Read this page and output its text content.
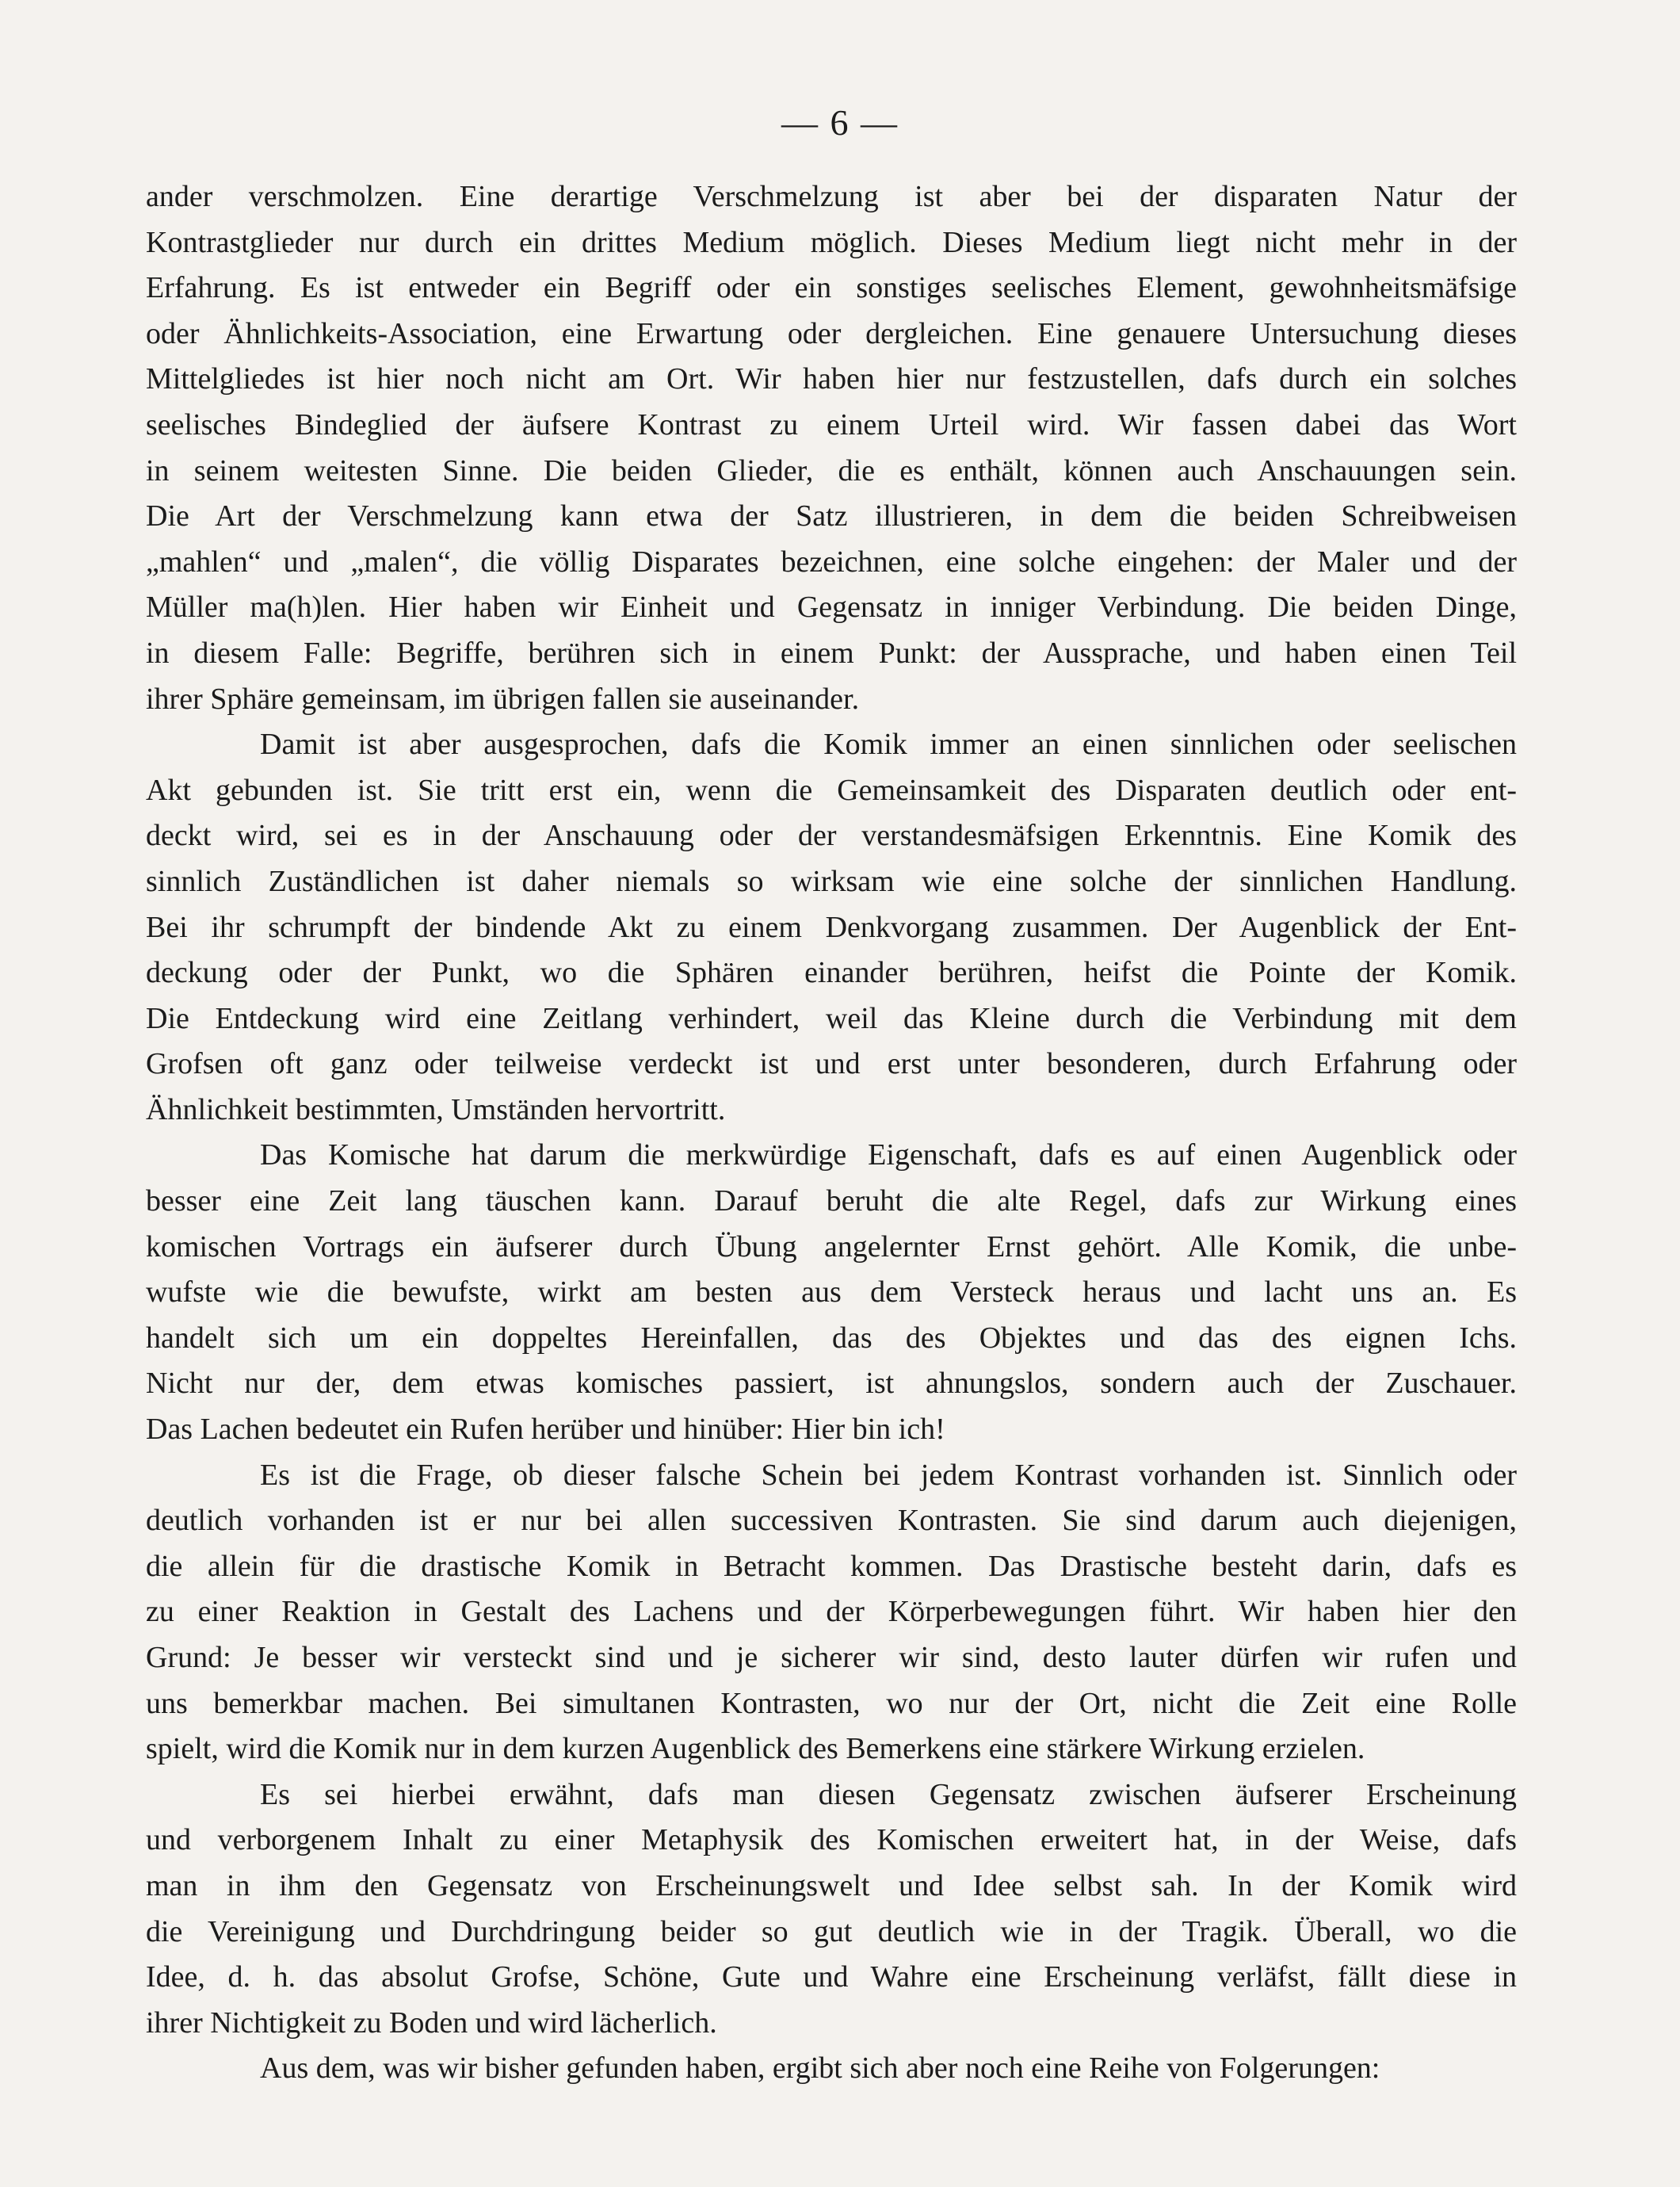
— 6 —
ander verschmolzen. Eine derartige Verschmelzung ist aber bei der disparaten Natur der
Kontrastglieder nur durch ein drittes Medium möglich. Dieses Medium liegt nicht mehr in der
Erfahrung. Es ist entweder ein Begriff oder ein sonstiges seelisches Element, gewohnheitsmäfsige
oder Ähnlichkeits-Association, eine Erwartung oder dergleichen. Eine genauere Untersuchung dieses
Mittelgliedes ist hier noch nicht am Ort. Wir haben hier nur festzustellen, dafs durch ein solches
seelisches Bindeglied der äufsere Kontrast zu einem Urteil wird. Wir fassen dabei das Wort
in seinem weitesten Sinne. Die beiden Glieder, die es enthält, können auch Anschauungen sein.
Die Art der Verschmelzung kann etwa der Satz illustrieren, in dem die beiden Schreibweisen
„mahlen“ und „malen“, die völlig Disparates bezeichnen, eine solche eingehen: der Maler und der
Müller ma(h)len. Hier haben wir Einheit und Gegensatz in inniger Verbindung. Die beiden Dinge,
in diesem Falle: Begriffe, berühren sich in einem Punkt: der Aussprache, und haben einen Teil
ihrer Sphäre gemeinsam, im übrigen fallen sie auseinander.
Damit ist aber ausgesprochen, dafs die Komik immer an einen sinnlichen oder seelischen
Akt gebunden ist. Sie tritt erst ein, wenn die Gemeinsamkeit des Disparaten deutlich oder ent-
deckt wird, sei es in der Anschauung oder der verstandesmäfsigen Erkenntnis. Eine Komik des
sinnlich Zuständlichen ist daher niemals so wirksam wie eine solche der sinnlichen Handlung.
Bei ihr schrumpft der bindende Akt zu einem Denkvorgang zusammen. Der Augenblick der Ent-
deckung oder der Punkt, wo die Sphären einander berühren, heifst die Pointe der Komik.
Die Entdeckung wird eine Zeitlang verhindert, weil das Kleine durch die Verbindung mit dem
Grofsen oft ganz oder teilweise verdeckt ist und erst unter besonderen, durch Erfahrung oder
Ähnlichkeit bestimmten, Umständen hervortritt.
Das Komische hat darum die merkwürdige Eigenschaft, dafs es auf einen Augenblick oder
besser eine Zeit lang täuschen kann. Darauf beruht die alte Regel, dafs zur Wirkung eines
komischen Vortrags ein äufserer durch Übung angelernter Ernst gehört. Alle Komik, die unbe-
wufste wie die bewufste, wirkt am besten aus dem Versteck heraus und lacht uns an. Es
handelt sich um ein doppeltes Hereinfallen, das des Objektes und das des eignen Ichs.
Nicht nur der, dem etwas komisches passiert, ist ahnungslos, sondern auch der Zuschauer.
Das Lachen bedeutet ein Rufen herüber und hinüber: Hier bin ich!
Es ist die Frage, ob dieser falsche Schein bei jedem Kontrast vorhanden ist. Sinnlich oder
deutlich vorhanden ist er nur bei allen successiven Kontrasten. Sie sind darum auch diejenigen,
die allein für die drastische Komik in Betracht kommen. Das Drastische besteht darin, dafs es
zu einer Reaktion in Gestalt des Lachens und der Körperbewegungen führt. Wir haben hier den
Grund: Je besser wir versteckt sind und je sicherer wir sind, desto lauter dürfen wir rufen und
uns bemerkbar machen. Bei simultanen Kontrasten, wo nur der Ort, nicht die Zeit eine Rolle
spielt, wird die Komik nur in dem kurzen Augenblick des Bemerkens eine stärkere Wirkung erzielen.
Es sei hierbei erwähnt, dafs man diesen Gegensatz zwischen äufserer Erscheinung
und verborgenem Inhalt zu einer Metaphysik des Komischen erweitert hat, in der Weise, dafs
man in ihm den Gegensatz von Erscheinungswelt und Idee selbst sah. In der Komik wird
die Vereinigung und Durchdringung beider so gut deutlich wie in der Tragik. Überall, wo die
Idee, d. h. das absolut Grofse, Schöne, Gute und Wahre eine Erscheinung verläfst, fällt diese in
ihrer Nichtigkeit zu Boden und wird lächerlich.
Aus dem, was wir bisher gefunden haben, ergibt sich aber noch eine Reihe von Folgerungen:
